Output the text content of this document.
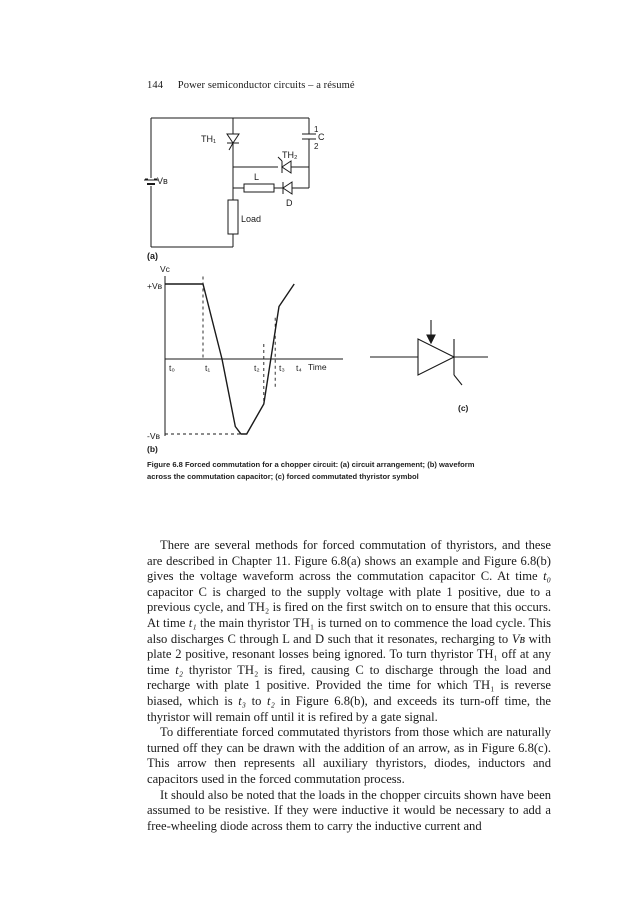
144 Power semiconductor circuits – a résumé
TH₁
1
C
2
TH₂
Vʙ	L
D
Load
(a)
Vᴄ
+Vʙ
-Vʙ
t₀	t₁	t₂ t₃ t₄ Time
(b)
(c)
Figure 6.8 Forced commutation for a chopper circuit: (a) circuit arrangement; (b) waveform across the commutation capacitor; (c) forced commutated thyristor symbol

There are several methods for forced commutation of thyristors, and these are described in Chapter 11. Figure 6.8(a) shows an example and Figure 6.8(b) gives the voltage waveform across the commutation capacitor C. At time t₀ capacitor C is charged to the supply voltage with plate 1 positive, due to a previous cycle, and TH₂ is fired on the first switch on to ensure that this occurs. At time t₁ the main thyristor TH₁ is turned on to commence the load cycle. This also discharges C through L and D such that it resonates, recharging to Vʙ with plate 2 positive, resonant losses being ignored. To turn thyristor TH₁ off at any time t₂ thyristor TH₂ is fired, causing C to discharge through the load and recharge with plate 1 positive. Provided the time for which TH₁ is reverse biased, which is t₃ to t₂ in Figure 6.8(b), and exceeds its turn-off time, the thyristor will remain off until it is refired by a gate signal.

To differentiate forced commutated thyristors from those which are naturally turned off they can be drawn with the addition of an arrow, as in Figure 6.8(c). This arrow then represents all auxiliary thyristors, diodes, inductors and capacitors used in the forced commutation process.

It should also be noted that the loads in the chopper circuits shown have been assumed to be resistive. If they were inductive it would be necessary to add a free-wheeling diode across them to carry the inductive current and
